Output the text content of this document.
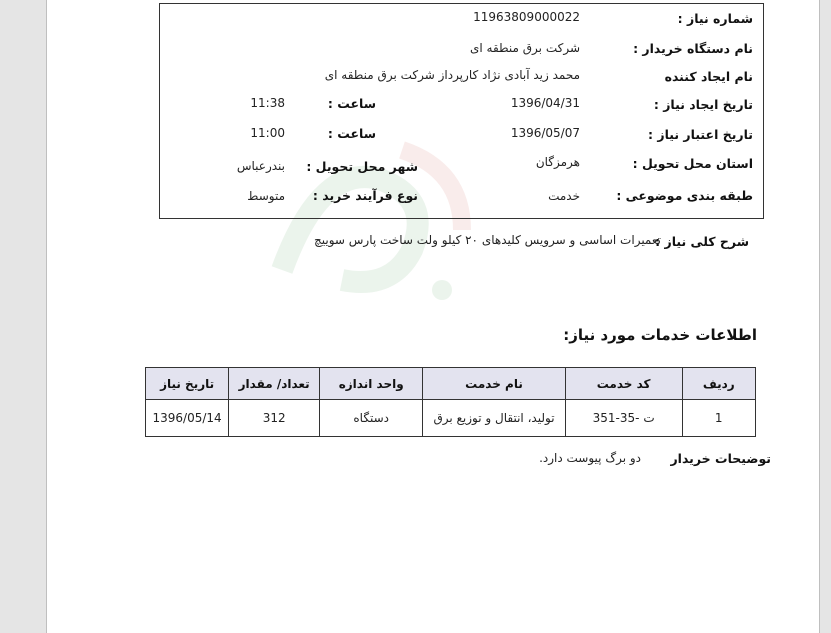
شماره نیاز :
1196380900002‌2
نام دستگاه خریدار :
شرکت برق منطقه ای
نام ایجاد کننده
محمد زید آبادی نژاد کارپرداز شرکت برق منطقه ای
تاریخ ایجاد نیاز :
1396/04/31
ساعت :
11:38
تاریخ اعتبار نیاز :
1396/05/07
ساعت :
11:00
استان محل تحویل :
هرمزگان
شهر محل تحویل :
بندرعباس
طبقه بندی موضوعی :
خدمت
نوع فرآیند خرید :
متوسط
شرح کلی نیاز :
تعمیرات اساسی و سرویس کلیدهای ۲۰ کیلو ولت ساخت پارس سوییچ
اطلاعات خدمات مورد نیاز:
ردیف	کد خدمت	نام خدمت	واحد اندازه	تعداد/ مقدار	تاریخ نیاز
1	ت -35-351	تولید، انتقال و توزیع برق	دستگاه	312	1396/05/14
توضیحات خریدار
دو برگ پیوست دارد.
